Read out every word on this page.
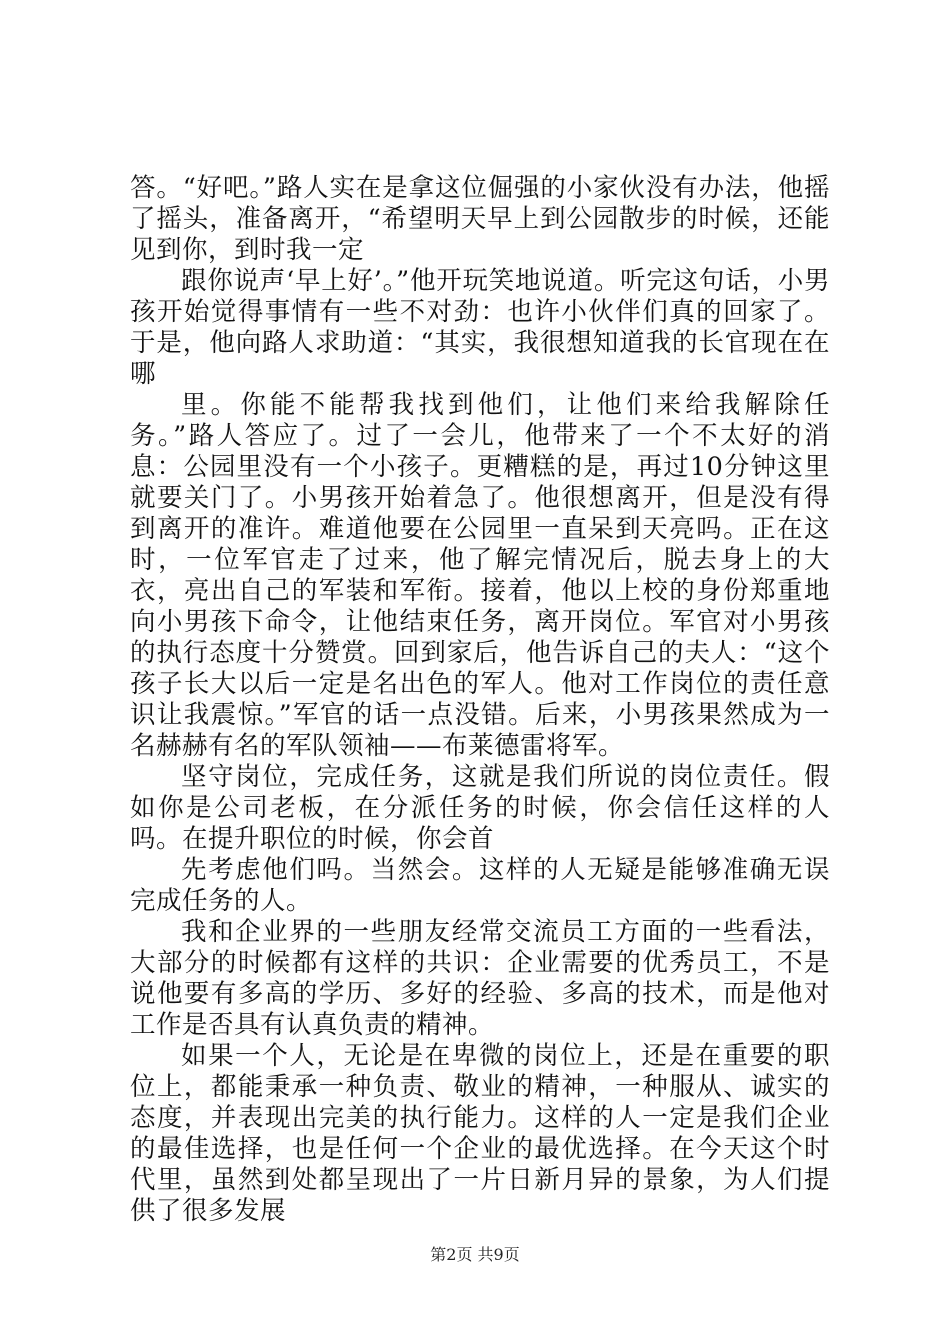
答。“好吧。”路人实在是拿这位倔强的小家伙没有办法，他摇了摇头，准备离开，“希望明天早上到公园散步的时候，还能见到你，到时我一定

跟你说声‘早上好’。”他开玩笑地说道。听完这句话，小男孩开始觉得事情有一些不对劲：也许小伙伴们真的回家了。于是，他向路人求助道：“其实，我很想知道我的长官现在在哪

里。你能不能帮我找到他们，让他们来给我解除任务。”路人答应了。过了一会儿，他带来了一个不太好的消息：公园里没有一个小孩子。更糟糕的是，再过10分钟这里就要关门了。小男孩开始着急了。他很想离开，但是没有得到离开的准许。难道他要在公园里一直呆到天亮吗。正在这时，一位军官走了过来，他了解完情况后，脱去身上的大衣，亮出自己的军装和军衔。接着，他以上校的身份郑重地向小男孩下命令，让他结束任务，离开岗位。军官对小男孩的执行态度十分赞赏。回到家后，他告诉自己的夫人：“这个孩子长大以后一定是名出色的军人。他对工作岗位的责任意识让我震惊。”军官的话一点没错。后来，小男孩果然成为一名赫赫有名的军队领袖——布莱德雷将军。

坚守岗位，完成任务，这就是我们所说的岗位责任。假如你是公司老板，在分派任务的时候，你会信任这样的人吗。在提升职位的时候，你会首

先考虑他们吗。当然会。这样的人无疑是能够准确无误完成任务的人。

我和企业界的一些朋友经常交流员工方面的一些看法，大部分的时候都有这样的共识：企业需要的优秀员工，不是说他要有多高的学历、多好的经验、多高的技术，而是他对工作是否具有认真负责的精神。

如果一个人，无论是在卑微的岗位上，还是在重要的职位上，都能秉承一种负责、敬业的精神，一种服从、诚实的态度，并表现出完美的执行能力。这样的人一定是我们企业的最佳选择，也是任何一个企业的最优选择。在今天这个时代里，虽然到处都呈现出了一片日新月异的景象，为人们提供了很多发展

第2页 共9页
